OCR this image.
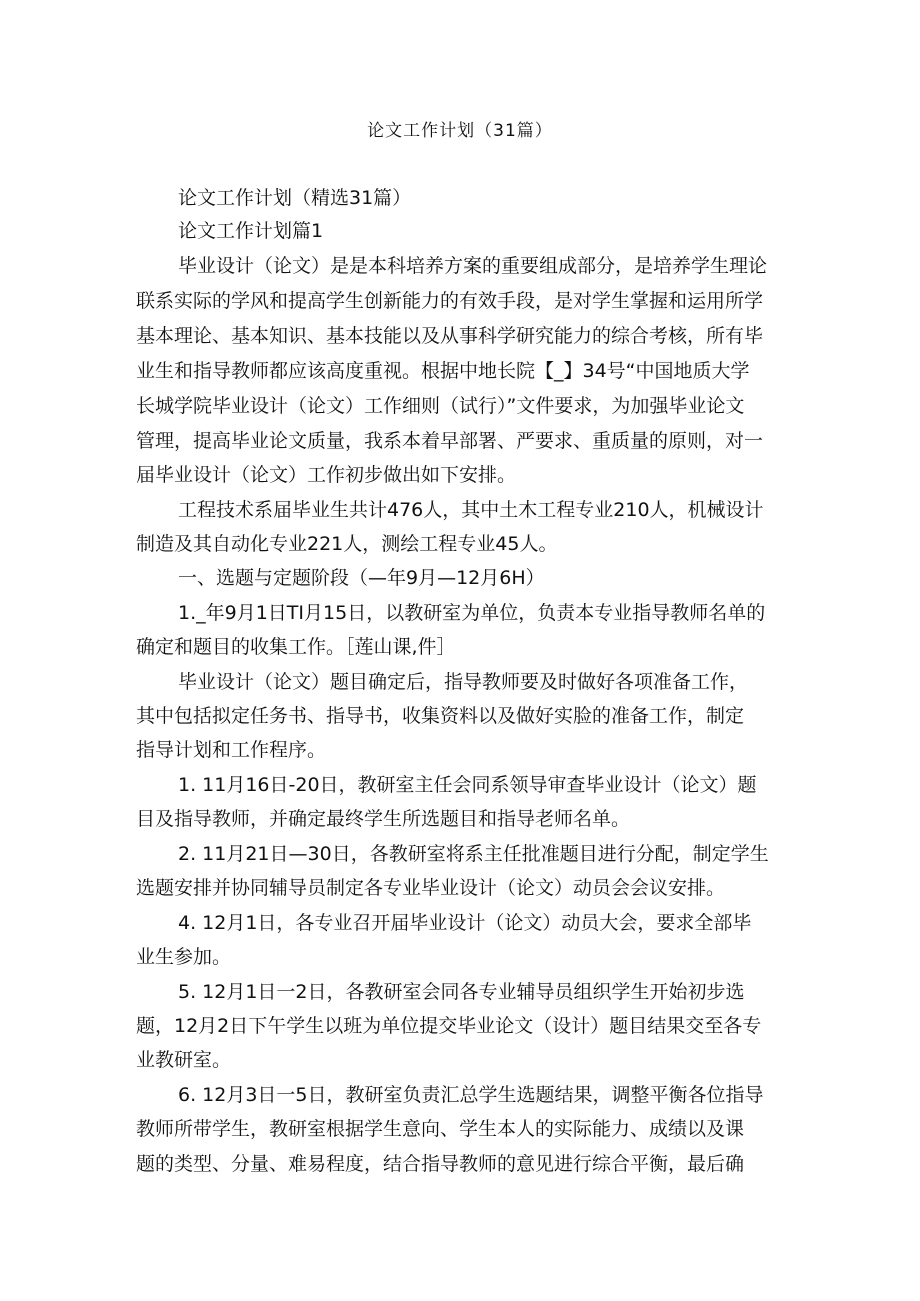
论文工作计划（31篇）
论文工作计划（精选31篇）
论文工作计划篇1
毕业设计（论文）是是本科培养方案的重要组成部分，是培养学生理论
联系实际的学风和提高学生创新能力的有效手段，是对学生掌握和运用所学
基本理论、基本知识、基本技能以及从事科学研究能力的综合考核，所有毕
业生和指导教师都应该高度重视。根据中地长院【_】34号“中国地质大学
长城学院毕业设计（论文）工作细则（试行）”文件要求，为加强毕业论文
管理，提高毕业论文质量，我系本着早部署、严要求、重质量的原则，对一
届毕业设计（论文）工作初步做出如下安排。
工程技术系届毕业生共计476人，其中土木工程专业210人，机械设计
制造及其自动化专业221人，测绘工程专业45人。
一、选题与定题阶段（—年9月—12月6H）
1._年9月1日TI月15日，以教研室为单位，负责本专业指导教师名单的
确定和题目的收集工作。［莲山课,件］
毕业设计（论文）题目确定后，指导教师要及时做好各项准备工作，
其中包括拟定任务书、指导书，收集资料以及做好实脸的准备工作，制定
指导计划和工作程序。
1. 11月16日-20日，教研室主任会同系领导审查毕业设计（论文）题
目及指导教师，并确定最终学生所选题目和指导老师名单。
2. 11月21日—30日，各教研室将系主任批准题目进行分配，制定学生
选题安排并协同辅导员制定各专业毕业设计（论文）动员会会议安排。
4. 12月1日，各专业召开届毕业设计（论文）动员大会，要求全部毕
业生参加。
5. 12月1日一2日，各教研室会同各专业辅导员组织学生开始初步选
题，12月2日下午学生以班为单位提交毕业论文（设计）题目结果交至各专
业教研室。
6. 12月3日一5日，教研室负责汇总学生选题结果，调整平衡各位指导
教师所带学生，教研室根据学生意向、学生本人的实际能力、成绩以及课
题的类型、分量、难易程度，结合指导教师的意见进行综合平衡，最后确
